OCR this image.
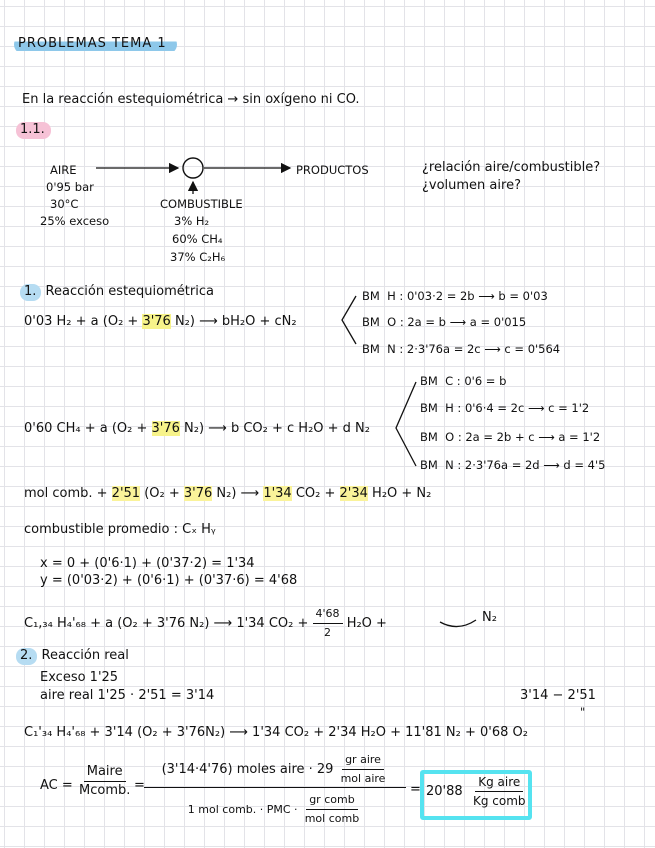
PROBLEMAS TEMA 1
En la reacción estequiométrica → sin oxígeno ni CO.
1.1.
AIRE
0'95 bar
30°C
25% exceso
COMBUSTIBLE
3% H₂
60% CH₄
37% C₂H₆
PRODUCTOS	¿relación aire/combustible?
¿volumen aire?
1. Reacción estequiométrica
0'03 H₂ + a (O₂ + 3'76 N₂) ⟶ bH₂O + cN₂
BM H : 0'03·2 = 2b ⟶ b = 0'03
BM O : 2a = b ⟶ a = 0'015
BM N : 2·3'76a = 2c ⟶ c = 0'564
0'60 CH₄ + a (O₂ + 3'76 N₂) ⟶ b CO₂ + c H₂O + d N₂
BM C : 0'6 = b
BM H : 0'6·4 = 2c ⟶ c = 1'2
BM O : 2a = 2b + c ⟶ a = 1'2
BM N : 2·3'76a = 2d ⟶ d = 4'5
mol comb. + 2'51 (O₂ + 3'76 N₂) ⟶ 1'34 CO₂ + 2'34 H₂O + N₂
combustible promedio : Cₓ Hᵧ
x = 0 + (0'6·1) + (0'37·2) = 1'34
y = (0'03·2) + (0'6·1) + (0'37·6) = 4'68
C₁,₃₄ H₄'₆₈ + a (O₂ + 3'76 N₂) ⟶ 1'34 $CO_2 + \frac{4'68}{2} H_2O$ +	N₂
2. Reacción real
Exceso 1'25
aire real 1'25 · 2'51 = 3'14	3'14 − 2'51
"
C₁'₃₄ H₄'₆₈ + 3'14 (O₂ + 3'76N₂) ⟶ 1'34 CO₂ + 2'34 H₂O + 11'81 N₂ + 0'68 O₂
AC = $\frac{\text{Maire}}{\text{Mcomb.}}$ =
(3'14·4'76) moles aire · $29 \frac{\text{gr aire}}{\text{mol aire}}$
1 mol comb. · PMC · $\frac{\text{gr comb}}{\text{mol comb}}$
= $20'88 \frac{\text{Kg aire}}{\text{Kg comb}}$
